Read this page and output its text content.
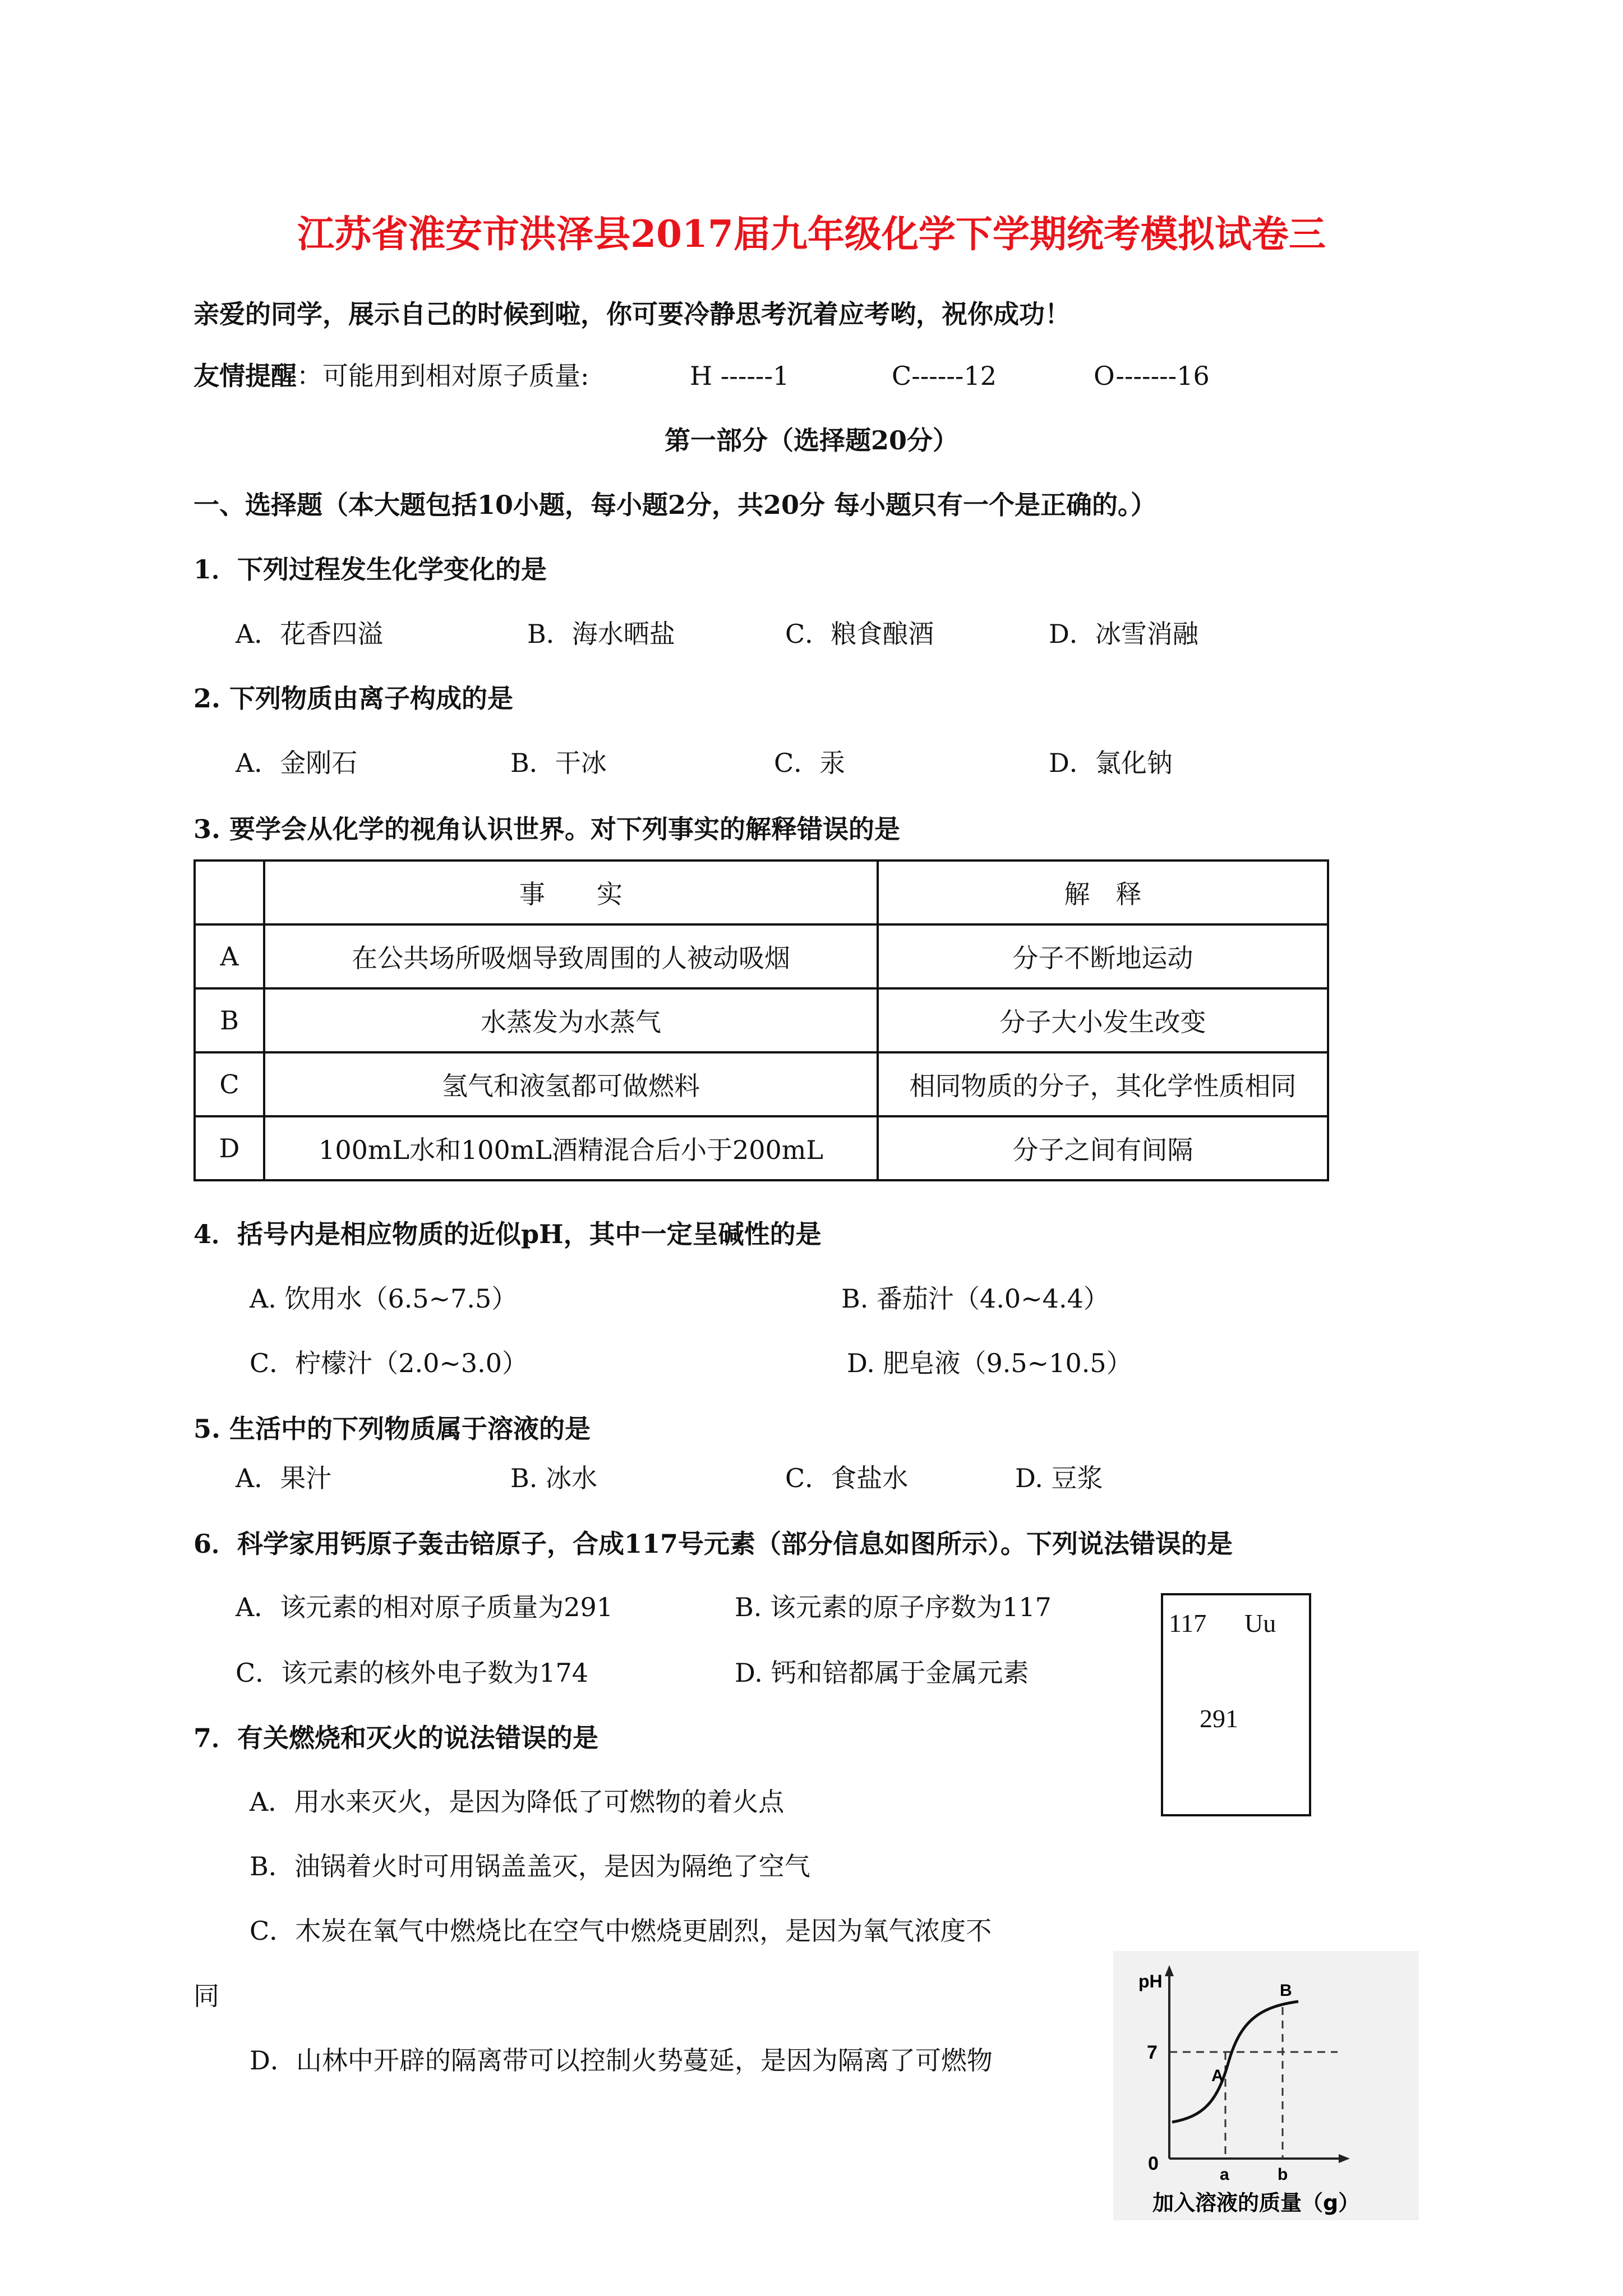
江苏省淮安市洪泽县2017届九年级化学下学期统考模拟试卷三
亲爱的同学，展示自己的时候到啦，你可要冷静思考沉着应考哟，祝你成功！
友情提醒：可能用到相对原子质量:	H ------1	C------12	O-------16
第一部分（选择题20分）
一、选择题（本大题包括10小题，每小题2分，共20分 每小题只有一个是正确的。）
1．下列过程发生化学变化的是
A．花香四溢	B．海水晒盐	C．粮食酿酒	D．冰雪消融
2. 下列物质由离子构成的是
A．金刚石	B．干冰	C．汞	D．氯化钠
3. 要学会从化学的视角认识世界。对下列事实的解释错误的是
	事　　实	解　释
A	在公共场所吸烟导致周围的人被动吸烟	分子不断地运动
B	水蒸发为水蒸气	分子大小发生改变
C	氢气和液氢都可做燃料	相同物质的分子，其化学性质相同
D	100mL水和100mL酒精混合后小于200mL	分子之间有间隔
4．括号内是相应物质的近似pH，其中一定呈碱性的是
A. 饮用水（6.5~7.5）	B. 番茄汁（4.0~4.4）
C．柠檬汁（2.0~3.0）	D. 肥皂液（9.5~10.5）
5. 生活中的下列物质属于溶液的是
A．果汁	B. 冰水	C．食盐水	D. 豆浆
6．科学家用钙原子轰击锫原子，合成117号元素（部分信息如图所示）。下列说法错误的是
A．该元素的相对原子质量为291	B. 该元素的原子序数为117
C．该元素的核外电子数为174	D. 钙和锫都属于金属元素
117 Uu
291
7．有关燃烧和灭火的说法错误的是
A．用水来灭火，是因为降低了可燃物的着火点
B．油锅着火时可用锅盖盖灭，是因为隔绝了空气
C．木炭在氧气中燃烧比在空气中燃烧更剧烈，是因为氧气浓度不
同
D．山林中开辟的隔离带可以控制火势蔓延，是因为隔离了可燃物
pH
7
0
a	b
A
B
加入溶液的质量（g）
